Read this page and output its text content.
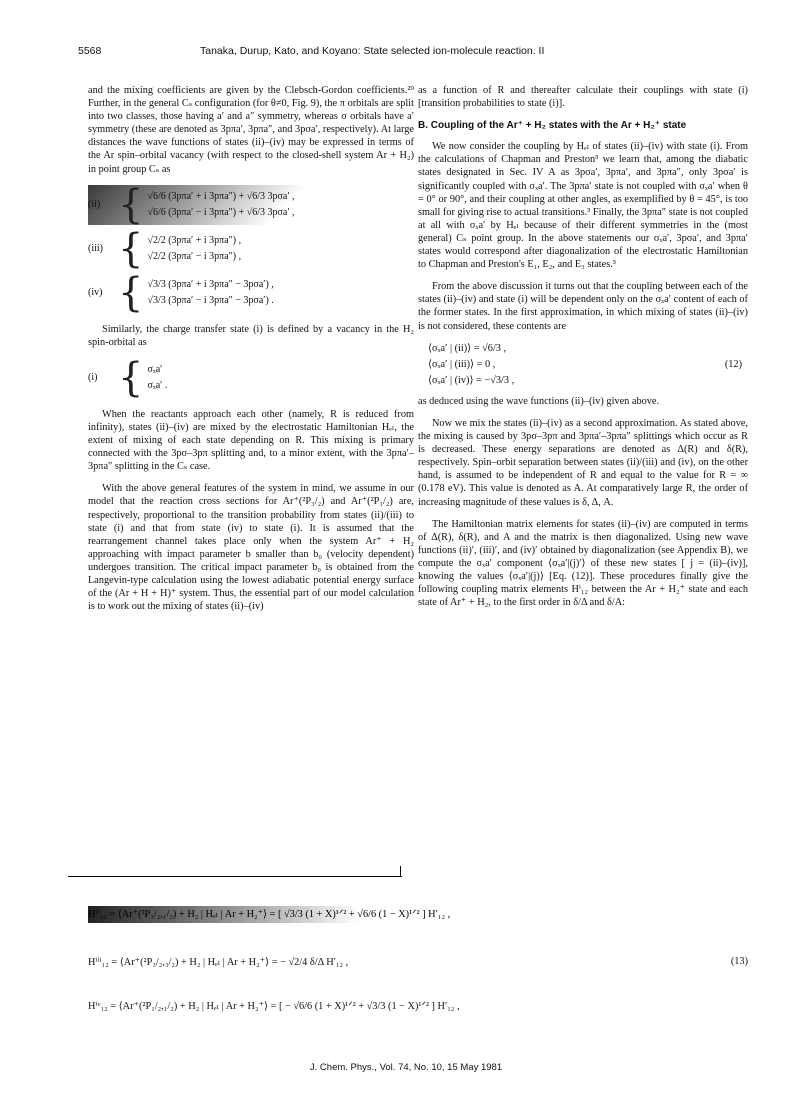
5568	Tanaka, Durup, Kato, and Koyano: State selected ion-molecule reaction. II

and the mixing coefficients are given by the Clebsch-Gordon coefficients.²⁹ Further, in the general Cₛ configuration (for θ≠0, Fig. 9), the π orbitals are split into two classes, those having a′ and a″ symmetry, whereas σ orbitals have a′ symmetry (these are denoted as 3pπa′, 3pπa″, and 3pσa′, respectively). At large distances the wave functions of states (ii)–(iv) may be expressed in terms of the Ar spin–orbital vacancy (with respect to the closed-shell system Ar + H₂) in point group Cₛ as

(ii) { √6/6 (3pπa′ + i 3pπa″) + √6/3 3pσa′ ,
√6/6 (3pπa′ − i 3pπa″) + √6/3 3pσa′ ,
(iii) { √2/2 (3pπa′ + i 3pπa″) ,
√2/2 (3pπa′ − i 3pπa″) ,
(iv) { √3/3 (3pπa′ + i 3pπa″ − 3pσa′) ,
√3/3 (3pπa′ − i 3pπa″ − 3pσa′) .

Similarly, the charge transfer state (i) is defined by a vacancy in the H₂ spin-orbital as

(i) { σₓa′
σₓa′ .

When the reactants approach each other (namely, R is reduced from infinity), states (ii)–(iv) are mixed by the electrostatic Hamiltonian Hₑₗ, the extent of mixing of each state depending on R. This mixing is primary connected with the 3pσ–3pπ splitting and, to a minor extent, with the 3pπa′–3pπa″ splitting in the Cₛ case.

With the above general features of the system in mind, we assume in our model that the reaction cross sections for Ar⁺(²P₃/₂) and Ar⁺(²P₁/₂) are, respectively, proportional to the transition probability from states (ii)/(iii) to state (i) and that from state (iv) to state (i). It is assumed that the rearrangement channel takes place only when the system Ar⁺ + H₂ approaching with impact parameter b smaller than b₀ (velocity dependent) undergoes transition. The critical impact parameter b₀ is obtained from the Langevin-type calculation using the lowest adiabatic potential energy surface of the (Ar + H + H)⁺ system. Thus, the essential part of our model calculation is to work out the mixing of states (ii)–(iv)

as a function of R and thereafter calculate their couplings with state (i) [transition probabilities to state (i)].

B. Coupling of the Ar⁺ + H₂ states with the Ar + H₂⁺ state

We now consider the coupling by Hₑₗ of states (ii)–(iv) with state (i). From the calculations of Chapman and Preston³ we learn that, among the diabatic states designated in Sec. IV A as 3pσa′, 3pπa′, and 3pπa″, only 3pσa′ is significantly coupled with σₓa′. The 3pπa′ state is not coupled with σₓa′ when θ = 0° or 90°, and their coupling at other angles, as exemplified by θ = 45°, is too small for giving rise to actual transitions.³ Finally, the 3pπa″ state is not coupled at all with σₓa′ by Hₑₗ because of their different symmetries in the (most general) Cₛ point group. In the above statements our σₓa′, 3pσa′, and 3pπa′ states would correspond after diagonalization of the electrostatic Hamiltonian to Chapman and Preston's E₁, E₂, and E₃ states.³

From the above discussion it turns out that the coupling between each of the states (ii)–(iv) and state (i) will be dependent only on the σₓa′ content of each of the former states. In the first approximation, in which mixing of states (ii)–(iv) is not considered, these contents are

⟨σₓa′ | (ii)⟩ = √6/3 ,
⟨σₓa′ | (iii)⟩ = 0 ,
⟨σₓa′ | (iv)⟩ = −√3/3 ,
(12)

as deduced using the wave functions (ii)–(iv) given above.

Now we mix the states (ii)–(iv) as a second approximation. As stated above, the mixing is caused by 3pσ–3pπ and 3pπa′–3pπa″ splittings which occur as R is decreased. These energy separations are denoted as Δ(R) and δ(R), respectively. Spin–orbit separation between states (ii)/(iii) and (iv), on the other hand, is assumed to be independent of R and equal to the value for R = ∞ (0.178 eV). This value is denoted as A. At comparatively large R, the order of increasing magnitude of these values is δ, Δ, A.

The Hamiltonian matrix elements for states (ii)–(iv) are computed in terms of Δ(R), δ(R), and A and the matrix is then diagonalized. Using new wave functions (ii)′, (iii)′, and (iv)′ obtained by diagonalization (see Appendix B), we compute the σₓa′ component ⟨σₓa′|(j)′⟩ of these new states [ j = (ii)–(iv)], knowing the values ⟨σₓa′|(j)⟩ [Eq. (12)]. These procedures finally give the following coupling matrix elements Hⁱ₁₂ between the Ar + H₂⁺ state and each state of Ar⁺ + H₂, to the first order in δ/Δ and δ/A:

Hⁱⁱ₁₂ = ⟨Ar⁺(²P₃/₂,₁/₂) + H₂ | Hₑₗ | Ar + H₂⁺⟩ = [ √3/3 (1 + X)¹ᐟ² + √6/6 (1 − X)¹ᐟ² ] H′₁₂ ,
Hⁱⁱⁱ₁₂ = ⟨Ar⁺(²P₃/₂,₃/₂) + H₂ | Hₑₗ | Ar + H₂⁺⟩ = − √2/4 δ/Δ H′₁₂ ,	(13)
Hⁱᵛ₁₂ = ⟨Ar⁺(²P₁/₂,₁/₂) + H₂ | Hₑₗ | Ar + H₂⁺⟩ = [ − √6/6 (1 + X)¹ᐟ² + √3/3 (1 − X)¹ᐟ² ] H′₁₂ ,
J. Chem. Phys., Vol. 74, No. 10, 15 May 1981
